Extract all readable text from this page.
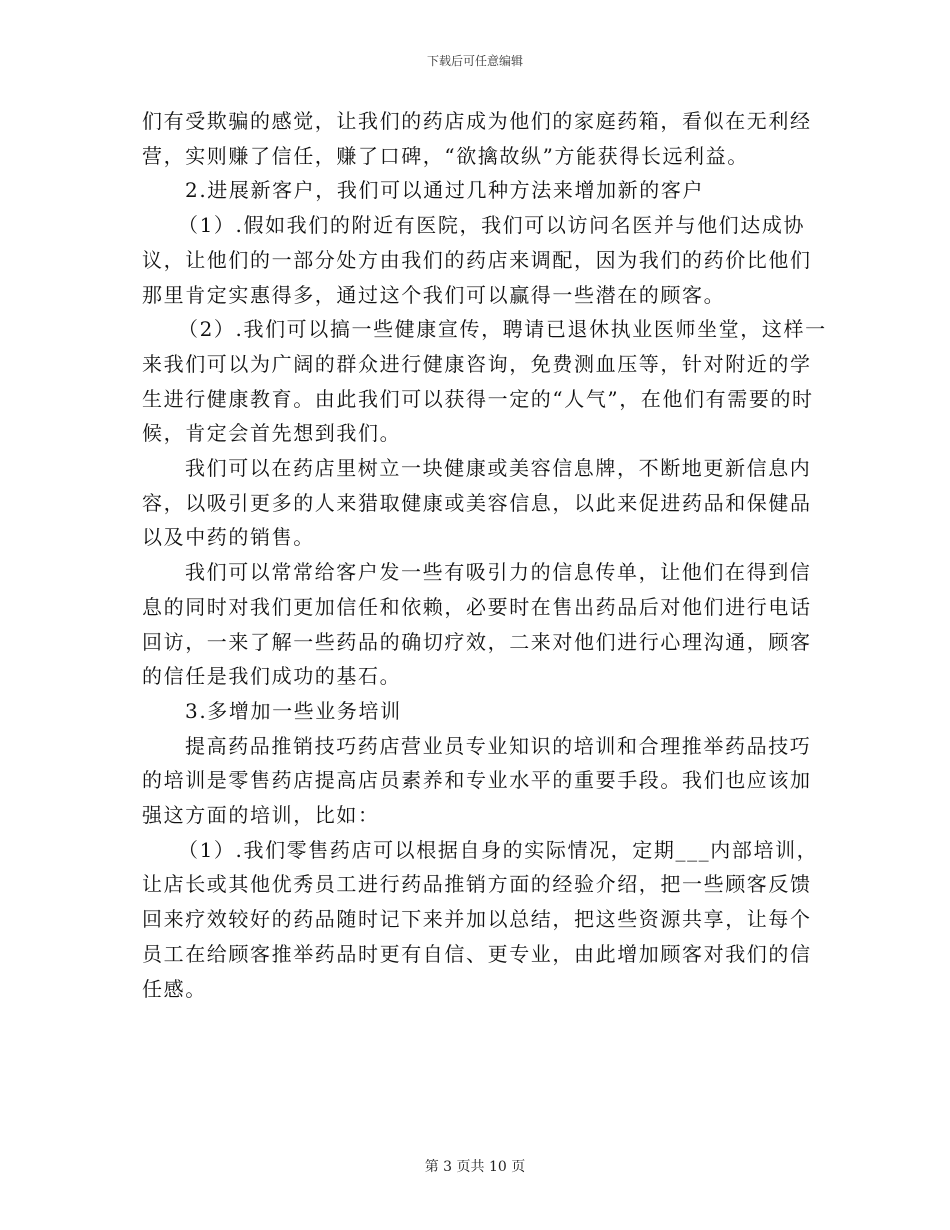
下载后可任意编辑

们有受欺骗的感觉，让我们的药店成为他们的家庭药箱，看似在无利经营，实则赚了信任，赚了口碑，“欲擒故纵”方能获得长远利益。

2.进展新客户，我们可以通过几种方法来增加新的客户

（1）.假如我们的附近有医院，我们可以访问名医并与他们达成协议，让他们的一部分处方由我们的药店来调配，因为我们的药价比他们那里肯定实惠得多，通过这个我们可以赢得一些潜在的顾客。

（2）.我们可以搞一些健康宣传，聘请已退休执业医师坐堂，这样一来我们可以为广阔的群众进行健康咨询，免费测血压等，针对附近的学生进行健康教育。由此我们可以获得一定的“人气”，在他们有需要的时候，肯定会首先想到我们。

我们可以在药店里树立一块健康或美容信息牌，不断地更新信息内容，以吸引更多的人来猎取健康或美容信息，以此来促进药品和保健品以及中药的销售。

我们可以常常给客户发一些有吸引力的信息传单，让他们在得到信息的同时对我们更加信任和依赖，必要时在售出药品后对他们进行电话回访，一来了解一些药品的确切疗效，二来对他们进行心理沟通，顾客的信任是我们成功的基石。

3.多增加一些业务培训

提高药品推销技巧药店营业员专业知识的培训和合理推举药品技巧的培训是零售药店提高店员素养和专业水平的重要手段。我们也应该加强这方面的培训，比如：

（1）.我们零售药店可以根据自身的实际情况，定期___内部培训，让店长或其他优秀员工进行药品推销方面的经验介绍，把一些顾客反馈回来疗效较好的药品随时记下来并加以总结，把这些资源共享，让每个员工在给顾客推举药品时更有自信、更专业，由此增加顾客对我们的信任感。

第 3 页共 10 页
